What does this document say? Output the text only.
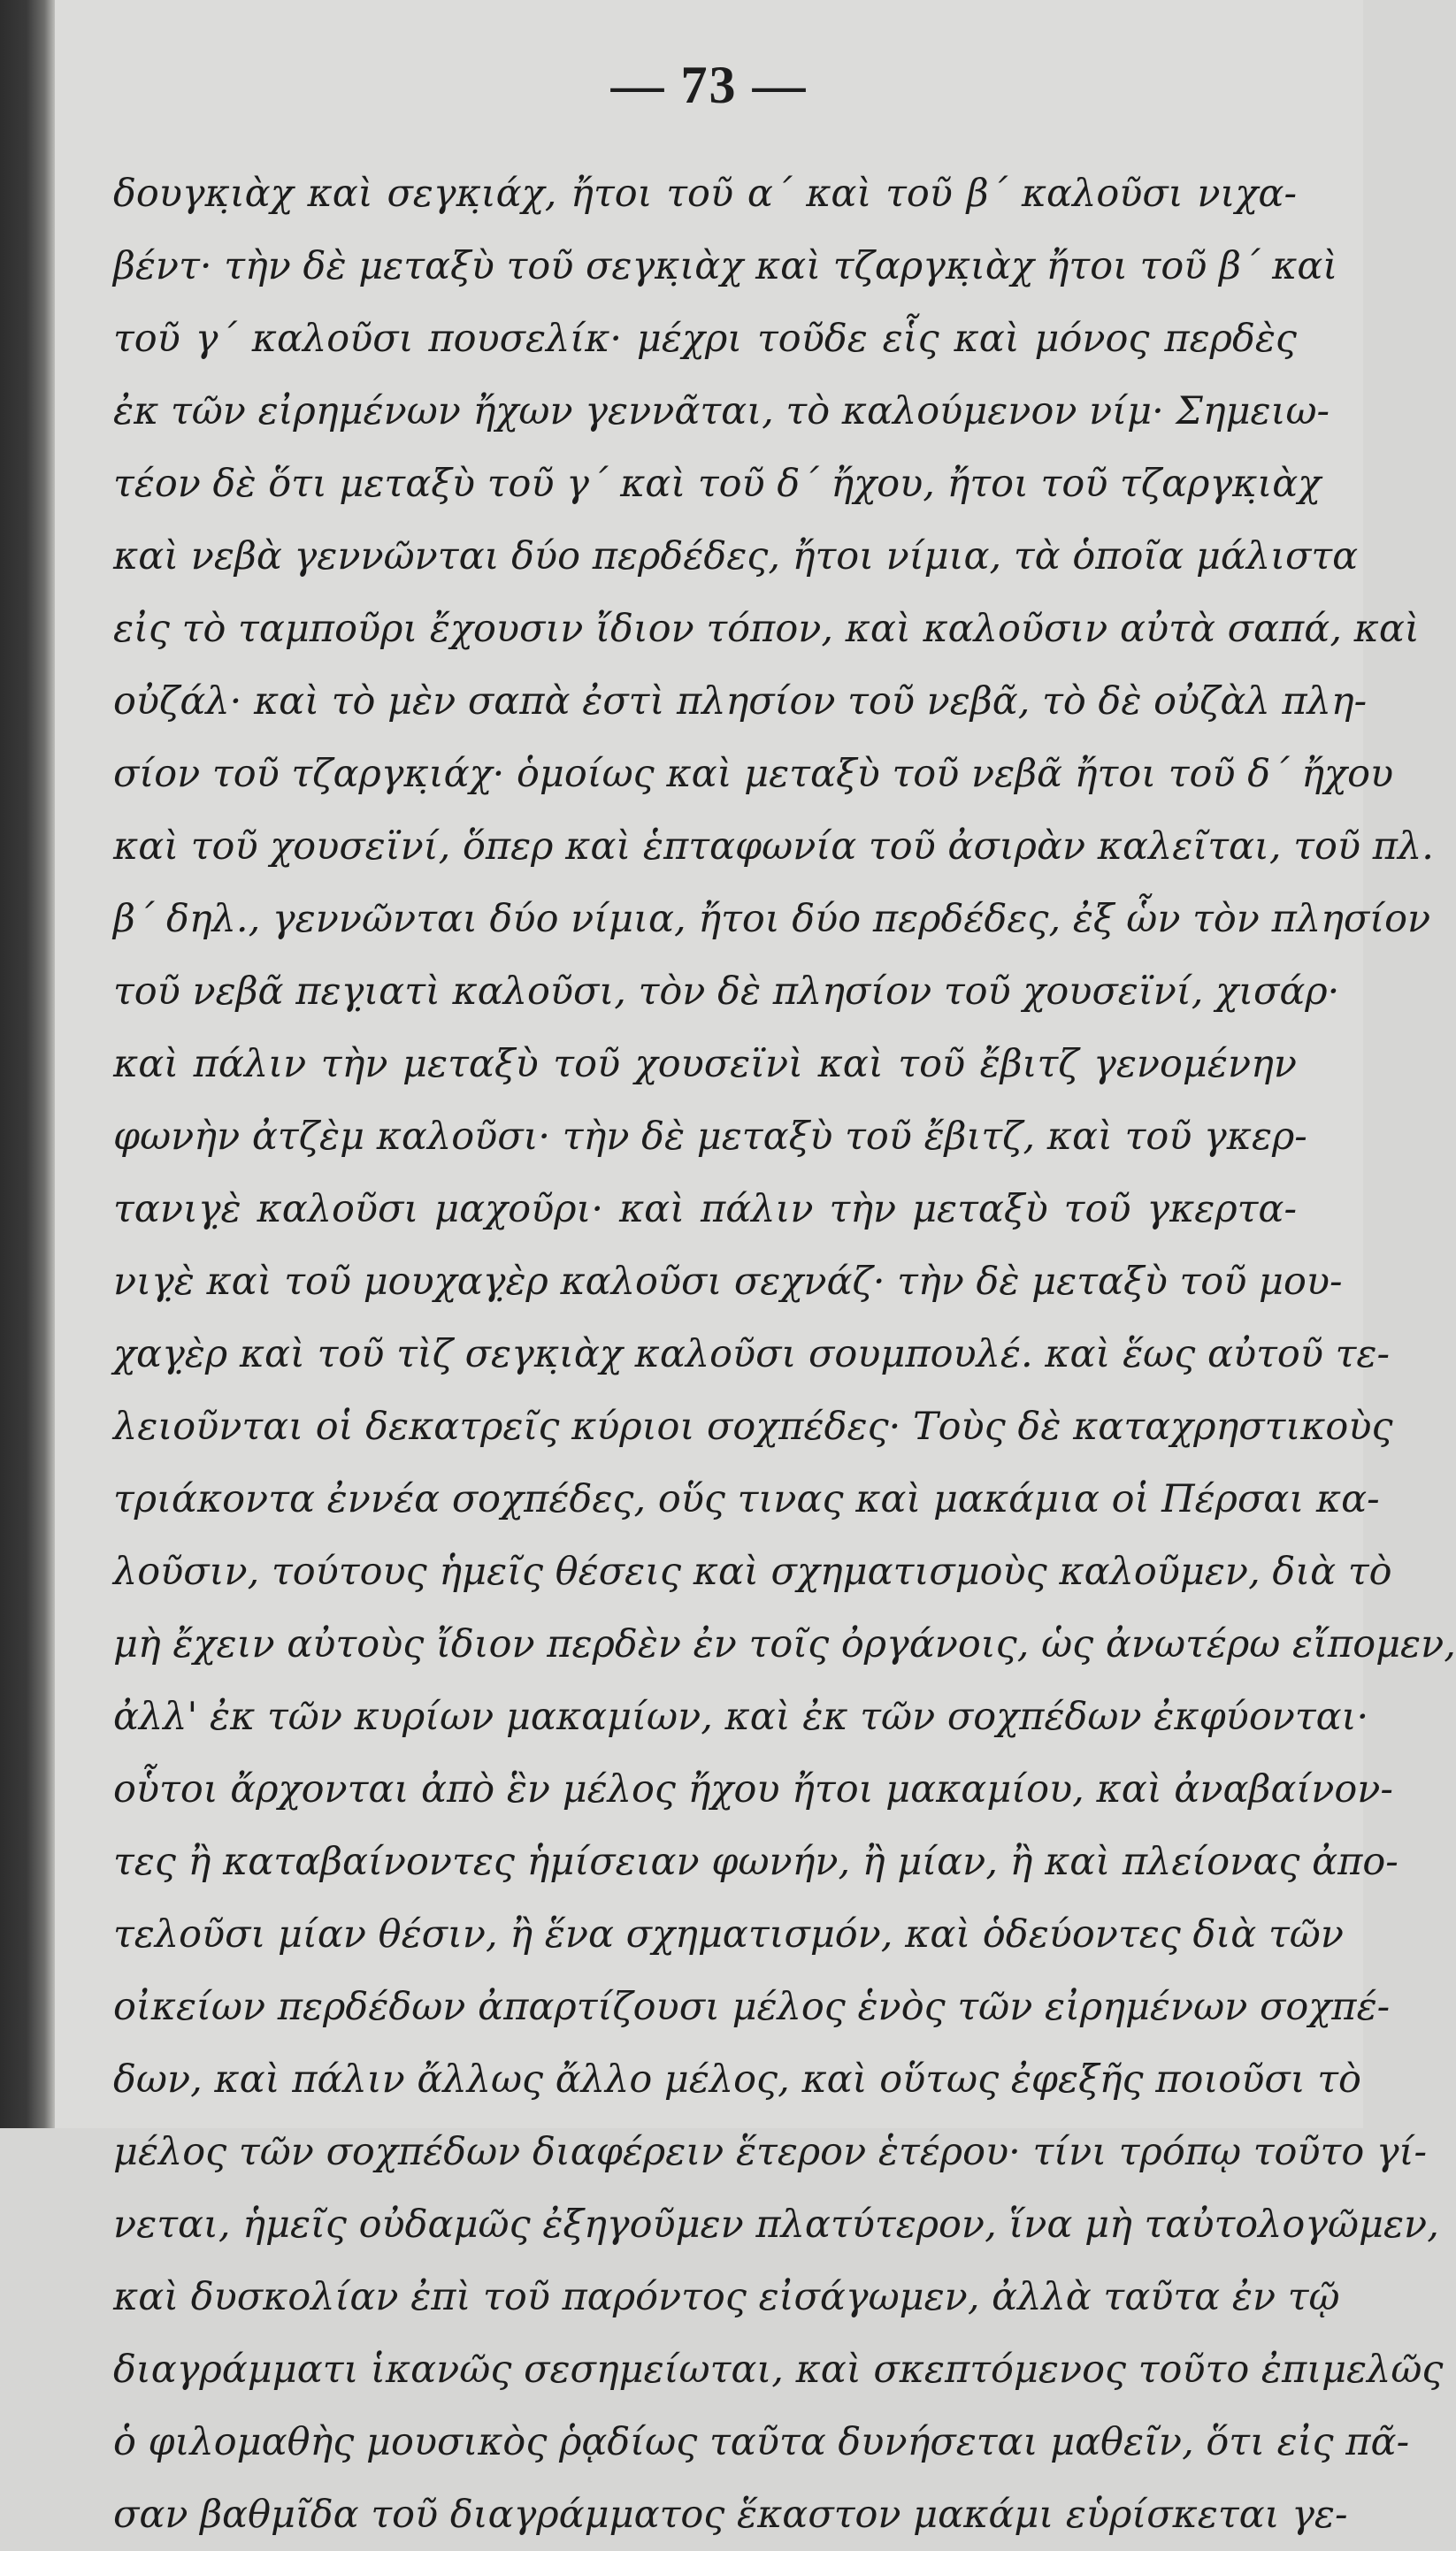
— 73 —
δουγκ̣ιὰχ καὶ σεγκ̣ιάχ, ἤτοι τοῦ α΄ καὶ τοῦ β΄ καλοῦσι νιχα-
βέντ· τὴν δὲ μεταξὺ τοῦ σεγκ̣ιὰχ καὶ τζαργκ̣ιὰχ ἤτοι τοῦ β΄ καὶ
τοῦ γ΄ καλοῦσι πουσελίκ· μέχρι τοῦδε εἷς καὶ μόνος περδὲς
ἐκ τῶν εἰρημένων ἤχων γεννᾶται, τὸ καλούμενον νίμ· Σημειω-
τέον δὲ ὅτι μεταξὺ τοῦ γ΄ καὶ τοῦ δ΄ ἤχου, ἤτοι τοῦ τζαργκ̣ιὰχ
καὶ νεβὰ γεννῶνται δύο περδέδες, ἤτοι νίμια, τὰ ὁποῖα μάλιστα
εἰς τὸ ταμποῦρι ἔχουσιν ἴδιον τόπον, καὶ καλοῦσιν αὐτὰ σαπά, καὶ
οὐζάλ· καὶ τὸ μὲν σαπὰ ἐστὶ πλησίον τοῦ νεβᾶ, τὸ δὲ οὐζὰλ πλη-
σίον τοῦ τζαργκ̣ιάχ· ὁμοίως καὶ μεταξὺ τοῦ νεβᾶ ἤτοι τοῦ δ΄ ἤχου
καὶ τοῦ χουσεϊνί, ὅπερ καὶ ἑπταφωνία τοῦ ἀσιρὰν καλεῖται, τοῦ πλ.
β΄ δηλ., γεννῶνται δύο νίμια, ἤτοι δύο περδέδες, ἐξ ὧν τὸν πλησίον
τοῦ νεβᾶ πεγ̣ιατὶ καλοῦσι, τὸν δὲ πλησίον τοῦ χουσεϊνί, χισάρ·
καὶ πάλιν τὴν μεταξὺ τοῦ χουσεϊνὶ καὶ τοῦ ἔβιτζ γενομένην
φωνὴν ἀτζὲμ καλοῦσι· τὴν δὲ μεταξὺ τοῦ ἔβιτζ, καὶ τοῦ γκερ-
τανιγ̣ὲ καλοῦσι μαχοῦρι· καὶ πάλιν τὴν μεταξὺ τοῦ γκερτα-
νιγ̣ὲ καὶ τοῦ μουχαγ̣ὲρ καλοῦσι σεχνάζ· τὴν δὲ μεταξὺ τοῦ μου-
χαγ̣ὲρ καὶ τοῦ τὶζ σεγκ̣ιὰχ καλοῦσι σουμπουλέ. καὶ ἕως αὐτοῦ τε-
λειοῦνται οἱ δεκατρεῖς κύριοι σοχπέδες· Τοὺς δὲ καταχρηστικοὺς
τριάκοντα ἐννέα σοχπέδες, οὕς τινας καὶ μακάμια οἱ Πέρσαι κα-
λοῦσιν, τούτους ἡμεῖς θέσεις καὶ σχηματισμοὺς καλοῦμεν, διὰ τὸ
μὴ ἔχειν αὐτοὺς ἴδιον περδὲν ἐν τοῖς ὀργάνοις, ὡς ἀνωτέρω εἴπομεν,
ἀλλ' ἐκ τῶν κυρίων μακαμίων, καὶ ἐκ τῶν σοχπέδων ἐκφύονται·
οὗτοι ἄρχονται ἀπὸ ἓν μέλος ἤχου ἤτοι μακαμίου, καὶ ἀναβαίνον-
τες ἢ καταβαίνοντες ἡμίσειαν φωνήν, ἢ μίαν, ἢ καὶ πλείονας ἀπο-
τελοῦσι μίαν θέσιν, ἢ ἕνα σχηματισμόν, καὶ ὁδεύοντες διὰ τῶν
οἰκείων περδέδων ἀπαρτίζουσι μέλος ἑνὸς τῶν εἰρημένων σοχπέ-
δων, καὶ πάλιν ἄλλως ἄλλο μέλος, καὶ οὕτως ἐφεξῆς ποιοῦσι τὸ
μέλος τῶν σοχπέδων διαφέρειν ἕτερον ἑτέρου· τίνι τρόπῳ τοῦτο γί-
νεται, ἡμεῖς οὐδαμῶς ἐξηγοῦμεν πλατύτερον, ἵνα μὴ ταὐτολογῶμεν,
καὶ δυσκολίαν ἐπὶ τοῦ παρόντος εἰσάγωμεν, ἀλλὰ ταῦτα ἐν τῷ
διαγράμματι ἱκανῶς σεσημείωται, καὶ σκεπτόμενος τοῦτο ἐπιμελῶς
ὁ φιλομαθὴς μουσικὸς ῥᾳδίως ταῦτα δυνήσεται μαθεῖν, ὅτι εἰς πᾶ-
σαν βαθμῖδα τοῦ διαγράμματος ἕκαστον μακάμι εὑρίσκεται γε-
